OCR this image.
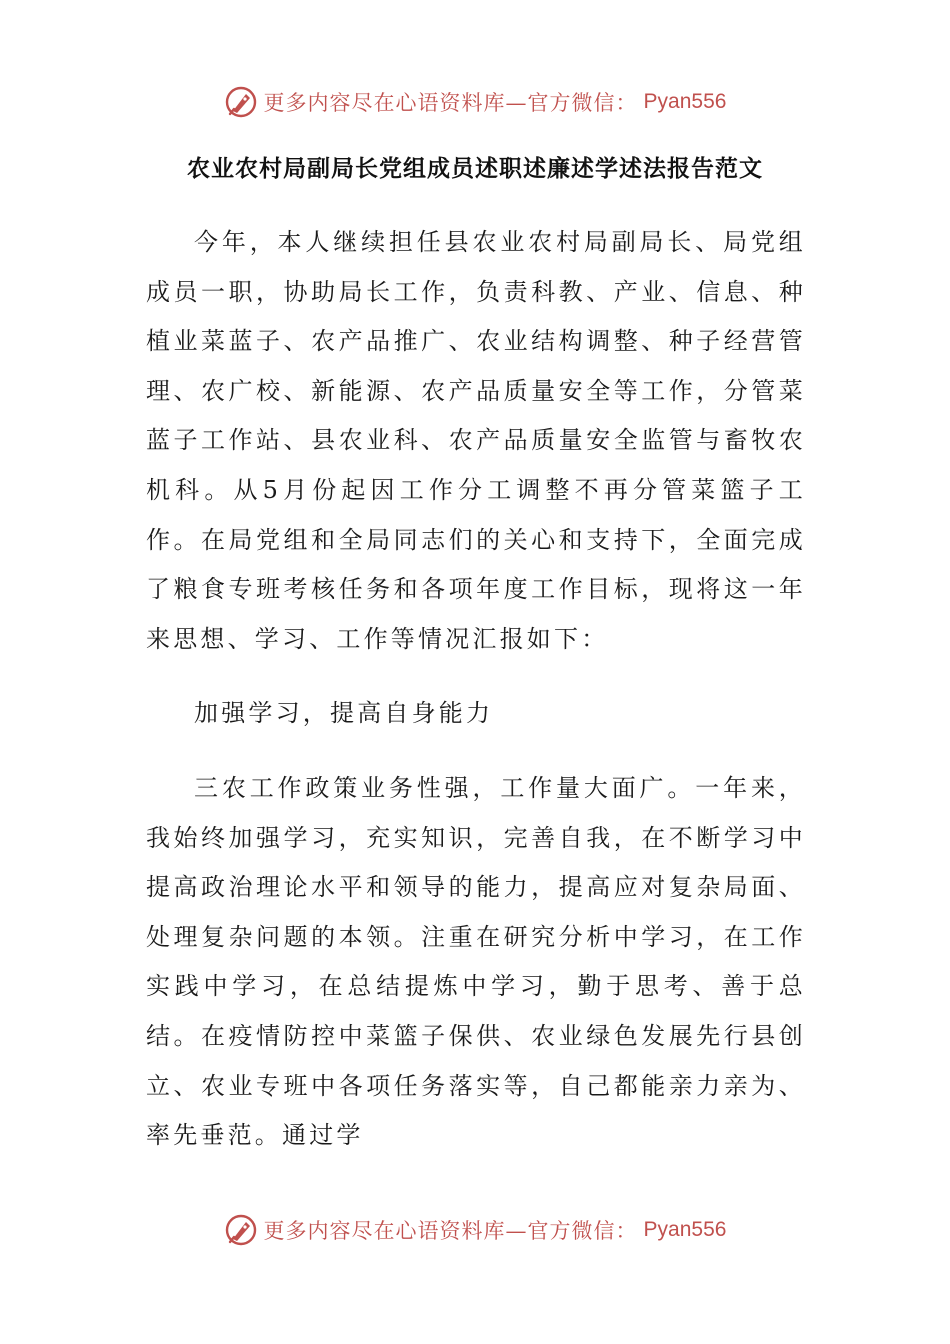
更多内容尽在心语资料库—官方微信： Pyan556
农业农村局副局长党组成员述职述廉述学述法报告范文

今年，本人继续担任县农业农村局副局长、局党组成员一职，协助局长工作，负责科教、产业、信息、种植业菜蓝子、农产品推广、农业结构调整、种子经营管理、农广校、新能源、农产品质量安全等工作，分管菜蓝子工作站、县农业科、农产品质量安全监管与畜牧农机科。从5月份起因工作分工调整不再分管菜篮子工作。在局党组和全局同志们的关心和支持下，全面完成了粮食专班考核任务和各项年度工作目标，现将这一年来思想、学习、工作等情况汇报如下：

加强学习，提高自身能力

三农工作政策业务性强，工作量大面广。一年来，我始终加强学习，充实知识，完善自我，在不断学习中提高政治理论水平和领导的能力，提高应对复杂局面、处理复杂问题的本领。注重在研究分析中学习，在工作实践中学习，在总结提炼中学习，勤于思考、善于总结。在疫情防控中菜篮子保供、农业绿色发展先行县创立、农业专班中各项任务落实等，自己都能亲力亲为、率先垂范。通过学

更多内容尽在心语资料库—官方微信： Pyan556
